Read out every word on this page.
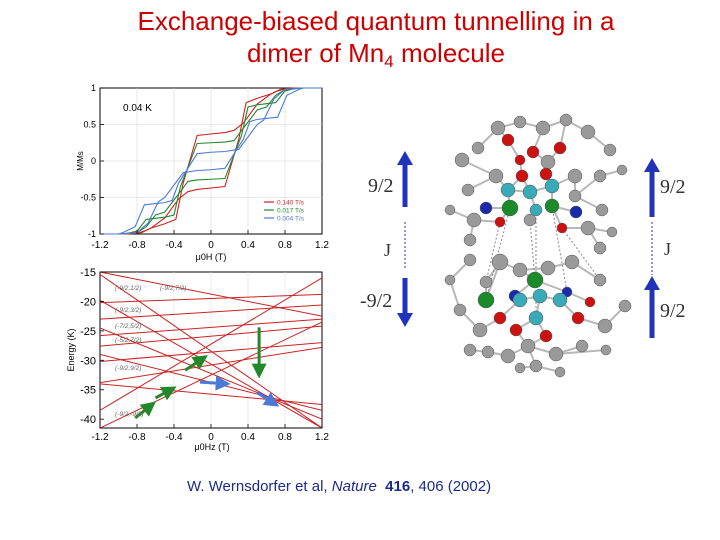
Exchange-biased quantum tunnelling in a
dimer of $Mn_4$ molecule
1
0.5
0
-0.5
-1
-1.2 -0.8 -0.4	0	0.4 0.8 1.2
0.04 K
M/Ms
μ0H (T)
0.140 T/s
0.017 T/s
0.004 T/s
-15
-20
-25
-30
-35
-40
-1.2 -0.8 -0.4	0	0.4 0.8 1.2
(-9/2,1/2)	(-9/2,7/2)
(-9/2,3/2)
(-7/2,5/2)
(-5/2,7/2)
(-9/2,9/2)
(-9/2,-9/2)
Energy (K)
μ0Hz (T)
9/2
J
-9/2
9/2
J
9/2
W. Wernsdorfer et al, Nature 416, 406 (2002)
